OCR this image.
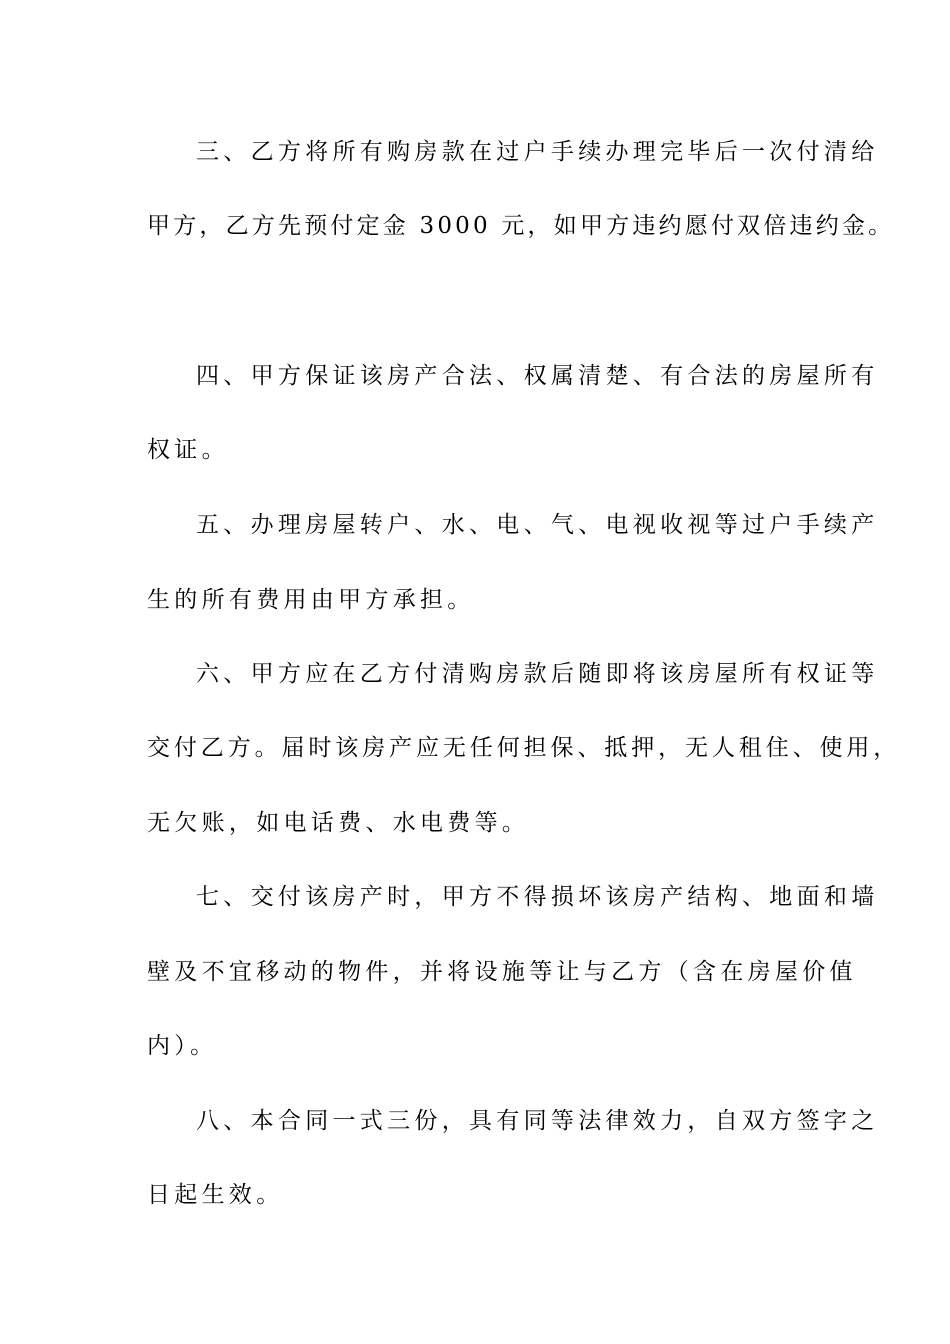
三、乙方将所有购房款在过户手续办理完毕后一次付清给
甲方，乙方先预付定金 3000 元，如甲方违约愿付双倍违约金。
四、甲方保证该房产合法、权属清楚、有合法的房屋所有
权证。
五、办理房屋转户、水、电、气、电视收视等过户手续产
生的所有费用由甲方承担。
六、甲方应在乙方付清购房款后随即将该房屋所有权证等
交付乙方。届时该房产应无任何担保、抵押，无人租住、使用，
无欠账，如电话费、水电费等。
七、交付该房产时，甲方不得损坏该房产结构、地面和墙
壁及不宜移动的物件，并将设施等让与乙方（含在房屋价值
内）。
八、本合同一式三份，具有同等法律效力，自双方签字之
日起生效。
